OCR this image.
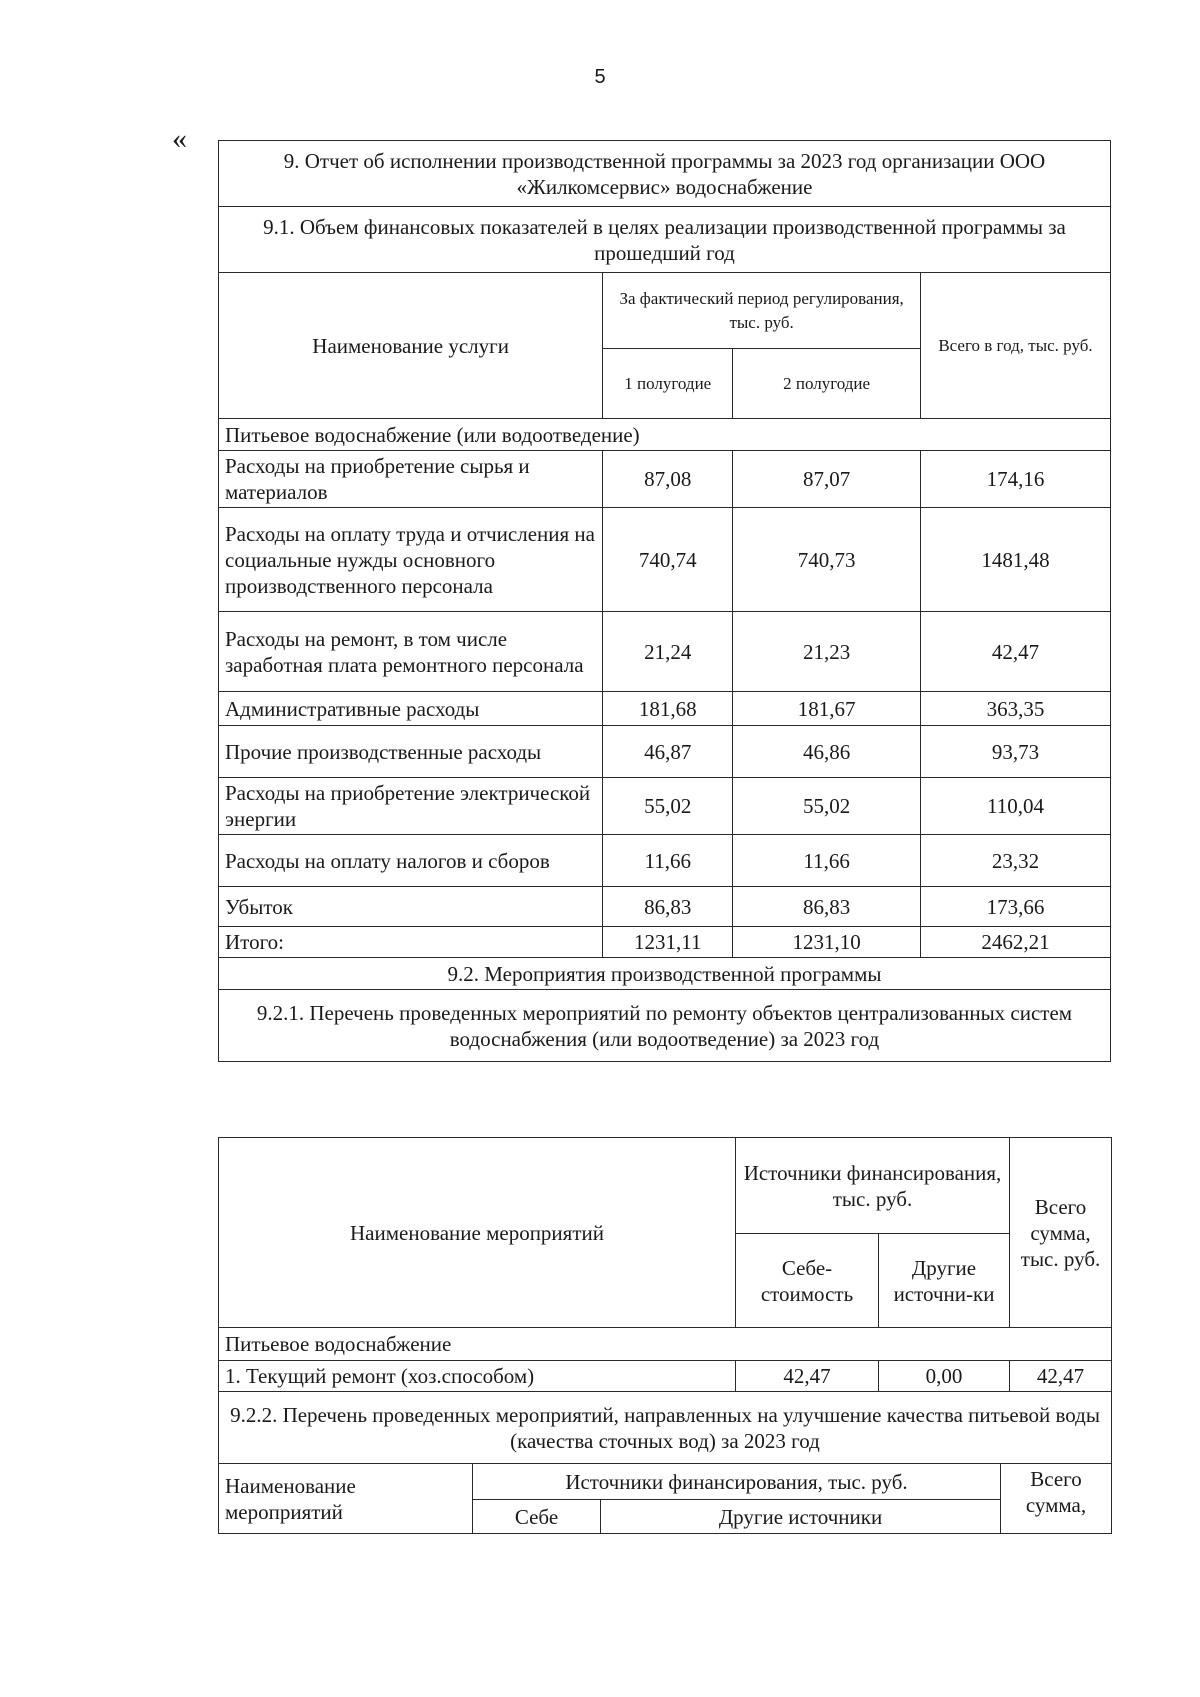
5
«
9. Отчет об исполнении производственной программы за 2023 год организации ООО «Жилкомсервис» водоснабжение			
9.1. Объем финансовых показателей в целях реализации производственной программы за прошедший год			
Наименование услуги	За фактический период регулирования, тыс. руб.		Всего в год, тыс. руб.
	1 полугодие	2 полугодие	
Питьевое водоснабжение (или водоотведение)			
Расходы на приобретение сырья и материалов	87,08	87,07	174,16
Расходы на оплату труда и отчисления на социальные нужды основного производственного персонала	740,74	740,73	1481,48
Расходы на ремонт, в том числе заработная плата ремонтного персонала	21,24	21,23	42,47
Административные расходы	181,68	181,67	363,35
Прочие производственные расходы	46,87	46,86	93,73
Расходы на приобретение электрической энергии	55,02	55,02	110,04
Расходы на оплату налогов и сборов	11,66	11,66	23,32
Убыток	86,83	86,83	173,66
Итого:	1231,11	1231,10	2462,21
9.2. Мероприятия производственной программы			
9.2.1. Перечень проведенных мероприятий по ремонту объектов централизованных систем водоснабжения (или водоотведение) за 2023 год			
Наименование мероприятий	Источники финансирования, тыс. руб.		Всего сумма, тыс. руб.
	Себе-стоимость	Другие источни-ки	
Питьевое водоснабжение			
1. Текущий ремонт (хоз.способом)	42,47	0,00	42,47
9.2.2. Перечень проведенных мероприятий, направленных на улучшение качества питьевой воды (качества сточных вод) за 2023 год			
Наименование мероприятий	Источники финансирования, тыс. руб.		Всего сумма,
	Себе	Другие источники	
